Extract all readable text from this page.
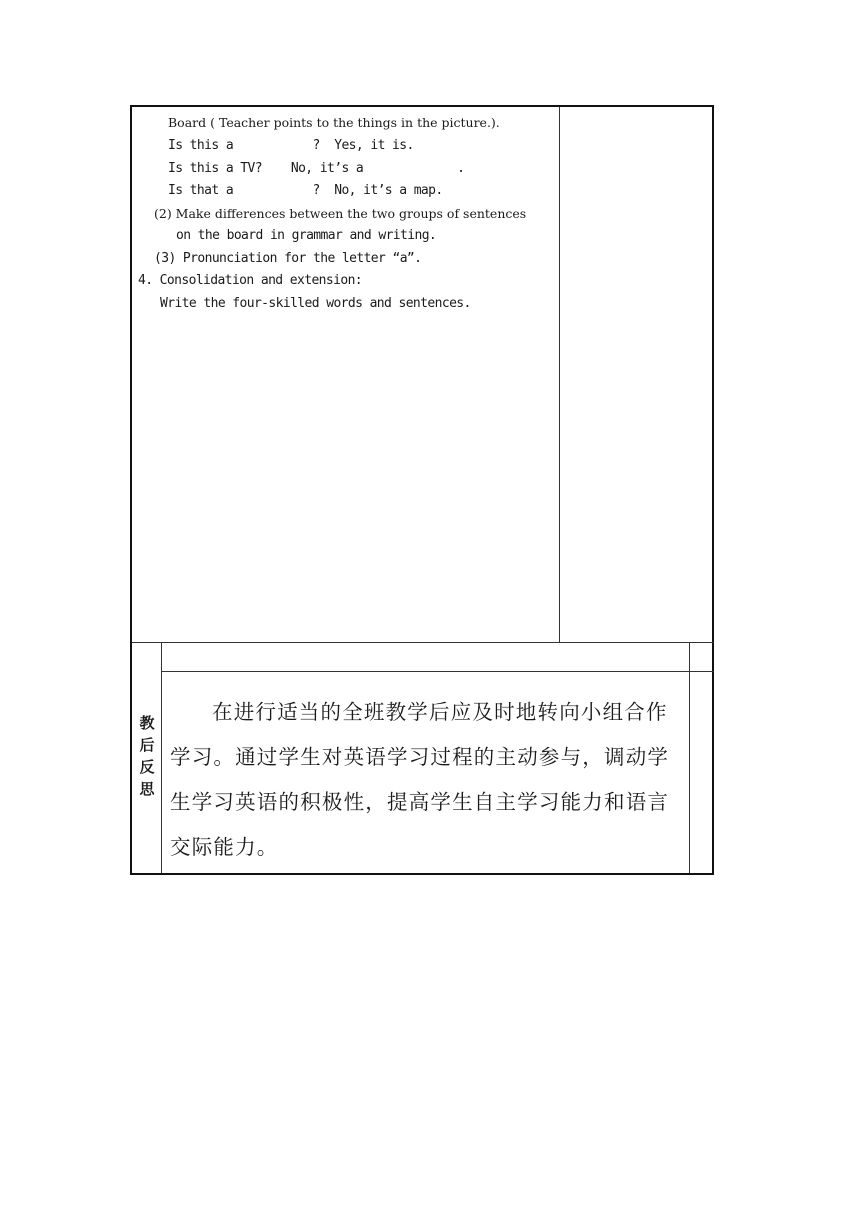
Board ( Teacher points to the things in the picture.).
Is this a           ?  Yes, it is.
Is this a TV?    No, it’s a             .
Is that a           ?  No, it’s a map.
(2) Make differences between the two groups of sentences
on the board in grammar and writing.
(3) Pronunciation for the letter “a”.
4. Consolidation and extension:
Write the four-skilled words and sentences.
教
后
反
思

在进行适当的全班教学后应及时地转向小组合作学习。通过学生对英语学习过程的主动参与，调动学生学习英语的积极性，提高学生自主学习能力和语言交际能力。
